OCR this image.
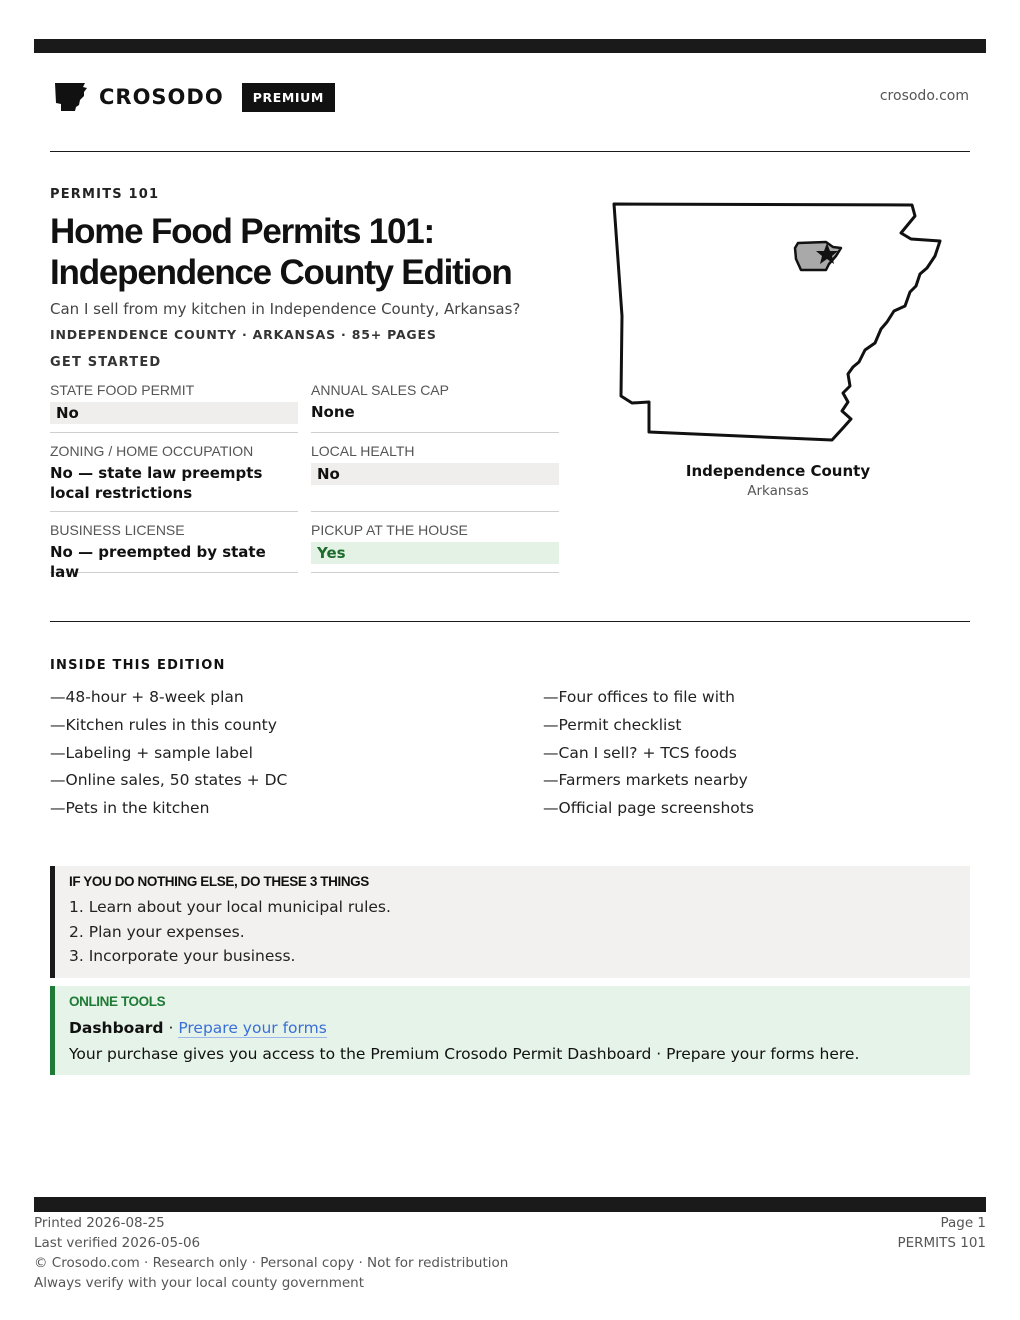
CROSODO	PREMIUM	crosodo.com
PERMITS 101
Home Food Permits 101:
Independence County Edition
Can I sell from my kitchen in Independence County, Arkansas?
INDEPENDENCE COUNTY · ARKANSAS · 85+ PAGES
GET STARTED
STATE FOOD PERMIT
No
ANNUAL SALES CAP
None
ZONING / HOME OCCUPATION
No — state law preempts local restrictions
LOCAL HEALTH
No
BUSINESS LICENSE
No — preempted by state law
PICKUP AT THE HOUSE
Yes
Independence County
Arkansas
INSIDE THIS EDITION
—48-hour + 8-week plan
—Kitchen rules in this county
—Labeling + sample label
—Online sales, 50 states + DC
—Pets in the kitchen
—Four offices to file with
—Permit checklist
—Can I sell? + TCS foods
—Farmers markets nearby
—Official page screenshots
IF YOU DO NOTHING ELSE, DO THESE 3 THINGS
1. Learn about your local municipal rules.
2. Plan your expenses.
3. Incorporate your business.
ONLINE TOOLS
Dashboard · Prepare your forms
Your purchase gives you access to the Premium Crosodo Permit Dashboard · Prepare your forms here.
Printed 2026-08-25
Last verified 2026-05-06
© Crosodo.com · Research only · Personal copy · Not for redistribution
Always verify with your local county government
Page 1
PERMITS 101
